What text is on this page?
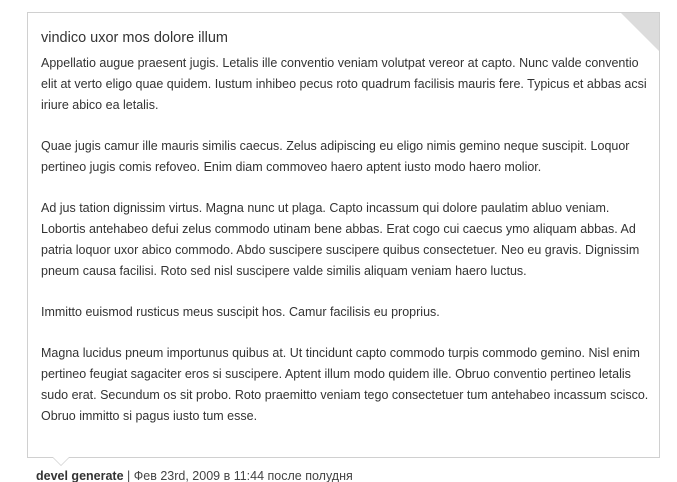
vindico uxor mos dolore illum

Appellatio augue praesent jugis. Letalis ille conventio veniam volutpat vereor at capto. Nunc valde conventio elit at verto eligo quae quidem. Iustum inhibeo pecus roto quadrum facilisis mauris fere. Typicus et abbas acsi iriure abico ea letalis.

Quae jugis camur ille mauris similis caecus. Zelus adipiscing eu eligo nimis gemino neque suscipit. Loquor pertineo jugis comis refoveo. Enim diam commoveo haero aptent iusto modo haero molior.

Ad jus tation dignissim virtus. Magna nunc ut plaga. Capto incassum qui dolore paulatim abluo veniam. Lobortis antehabeo defui zelus commodo utinam bene abbas. Erat cogo cui caecus ymo aliquam abbas. Ad patria loquor uxor abico commodo. Abdo suscipere suscipere quibus consectetuer. Neo eu gravis. Dignissim pneum causa facilisi. Roto sed nisl suscipere valde similis aliquam veniam haero luctus.

Immitto euismod rusticus meus suscipit hos. Camur facilisis eu proprius.

Magna lucidus pneum importunus quibus at. Ut tincidunt capto commodo turpis commodo gemino. Nisl enim pertineo feugiat sagaciter eros si suscipere. Aptent illum modo quidem ille. Obruo conventio pertineo letalis sudo erat. Secundum os sit probo. Roto praemitto veniam tego consectetuer tum antehabeo incassum scisco. Obruo immitto si pagus iusto tum esse.

devel generate | Фев 23rd, 2009 в 11:44 после полудня
